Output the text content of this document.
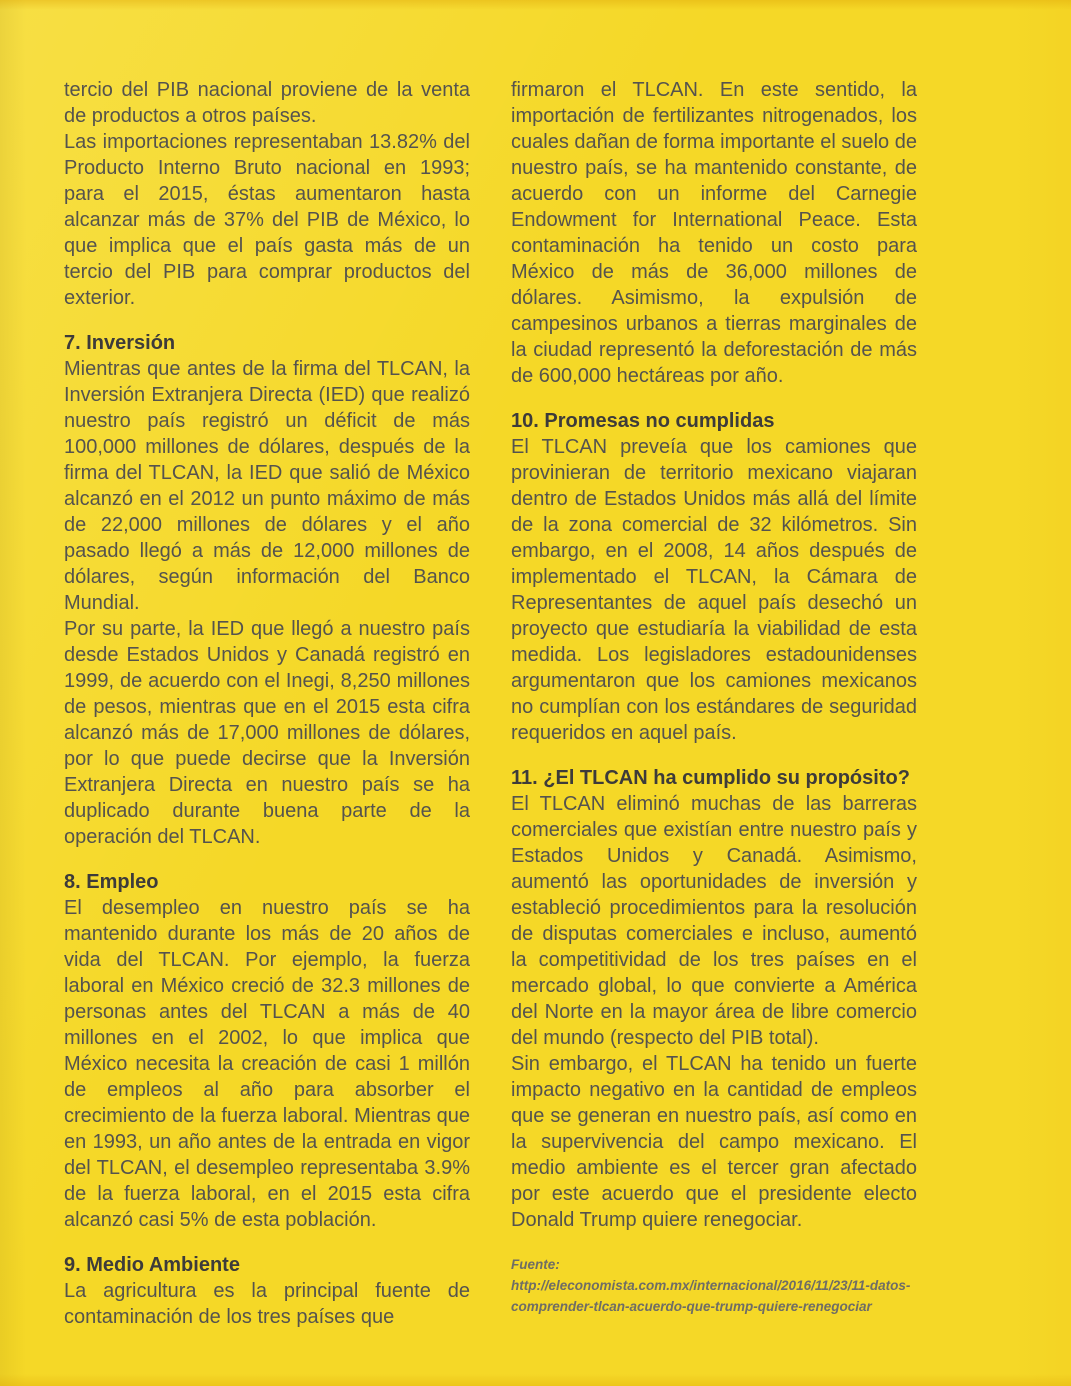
tercio del PIB nacional proviene de la venta de productos a otros países.

Las importaciones representaban 13.82% del Producto Interno Bruto nacional en 1993; para el 2015, éstas aumentaron hasta alcanzar más de 37% del PIB de México, lo que implica que el país gasta más de un tercio del PIB para comprar productos del exterior.

7. Inversión

Mientras que antes de la firma del TLCAN, la Inversión Extranjera Directa (IED) que realizó nuestro país registró un déficit de más 100,000 millones de dólares, después de la firma del TLCAN, la IED que salió de México alcanzó en el 2012 un punto máximo de más de 22,000 millones de dólares y el año pasado llegó a más de 12,000 millones de dólares, según información del Banco Mundial.

Por su parte, la IED que llegó a nuestro país desde Estados Unidos y Canadá registró en 1999, de acuerdo con el Inegi, 8,250 millones de pesos, mientras que en el 2015 esta cifra alcanzó más de 17,000 millones de dólares, por lo que puede decirse que la Inversión Extranjera Directa en nuestro país se ha duplicado durante buena parte de la operación del TLCAN.

8. Empleo

El desempleo en nuestro país se ha mantenido durante los más de 20 años de vida del TLCAN. Por ejemplo, la fuerza laboral en México creció de 32.3 millones de personas antes del TLCAN a más de 40 millones en el 2002, lo que implica que México necesita la creación de casi 1 millón de empleos al año para absorber el crecimiento de la fuerza laboral. Mientras que en 1993, un año antes de la entrada en vigor del TLCAN, el desempleo representaba 3.9% de la fuerza laboral, en el 2015 esta cifra alcanzó casi 5% de esta población.

9. Medio Ambiente

La agricultura es la principal fuente de contaminación de los tres países que

firmaron el TLCAN. En este sentido, la importación de fertilizantes nitrogenados, los cuales dañan de forma importante el suelo de nuestro país, se ha mantenido constante, de acuerdo con un informe del Carnegie Endowment for International Peace. Esta contaminación ha tenido un costo para México de más de 36,000 millones de dólares. Asimismo, la expulsión de campesinos urbanos a tierras marginales de la ciudad representó la deforestación de más de 600,000 hectáreas por año.

10. Promesas no cumplidas

El TLCAN preveía que los camiones que provinieran de territorio mexicano viajaran dentro de Estados Unidos más allá del límite de la zona comercial de 32 kilómetros. Sin embargo, en el 2008, 14 años después de implementado el TLCAN, la Cámara de Representantes de aquel país desechó un proyecto que estudiaría la viabilidad de esta medida. Los legisladores estadounidenses argumentaron que los camiones mexicanos no cumplían con los estándares de seguridad requeridos en aquel país.

11. ¿El TLCAN ha cumplido su propósito?

El TLCAN eliminó muchas de las barreras comerciales que existían entre nuestro país y Estados Unidos y Canadá. Asimismo, aumentó las oportunidades de inversión y estableció procedimientos para la resolución de disputas comerciales e incluso, aumentó la competitividad de los tres países en el mercado global, lo que convierte a América del Norte en la mayor área de libre comercio del mundo (respecto del PIB total).

Sin embargo, el TLCAN ha tenido un fuerte impacto negativo en la cantidad de empleos que se generan en nuestro país, así como en la supervivencia del campo mexicano. El medio ambiente es el tercer gran afectado por este acuerdo que el presidente electo Donald Trump quiere renegociar.

Fuente: http://eleconomista.com.mx/internacional/2016/11/23/11-datos-comprender-tlcan-acuerdo-que-trump-quiere-renegociar
